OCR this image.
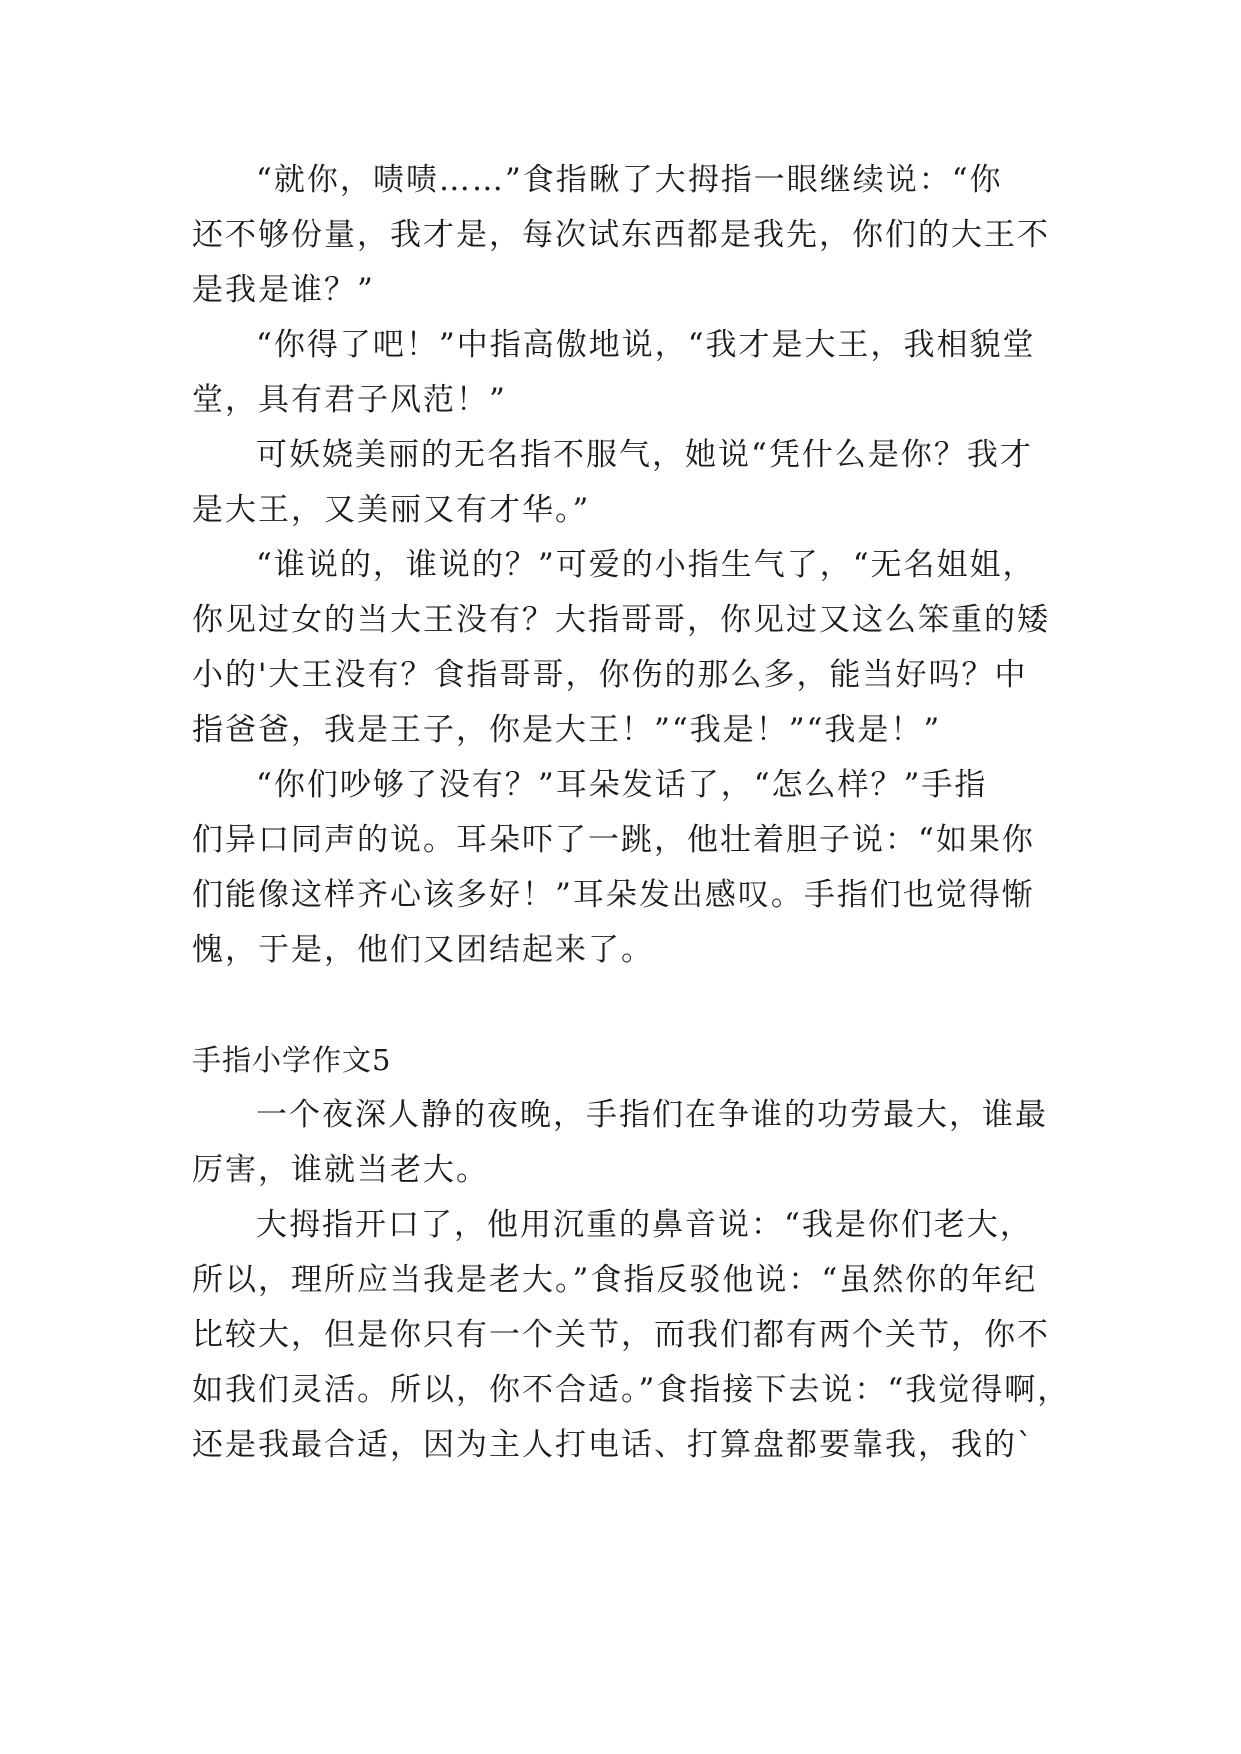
“就你，啧啧……”食指瞅了大拇指一眼继续说：“你
还不够份量，我才是，每次试东西都是我先，你们的大王不
是我是谁？”
“你得了吧！”中指高傲地说，“我才是大王，我相貌堂
堂，具有君子风范！”
可妖娆美丽的无名指不服气，她说“凭什么是你？我才
是大王，又美丽又有才华。”
“谁说的，谁说的？”可爱的小指生气了，“无名姐姐，
你见过女的当大王没有？大指哥哥，你见过又这么笨重的矮
小的'大王没有？食指哥哥，你伤的那么多，能当好吗？中
指爸爸，我是王子，你是大王！”“我是！”“我是！”
“你们吵够了没有？”耳朵发话了，“怎么样？”手指
们异口同声的说。耳朵吓了一跳，他壮着胆子说：“如果你
们能像这样齐心该多好！”耳朵发出感叹。手指们也觉得惭
愧，于是，他们又团结起来了。
手指小学作文5
一个夜深人静的夜晚，手指们在争谁的功劳最大，谁最
厉害，谁就当老大。
大拇指开口了，他用沉重的鼻音说：“我是你们老大，
所以，理所应当我是老大。”食指反驳他说：“虽然你的年纪
比较大，但是你只有一个关节，而我们都有两个关节，你不
如我们灵活。所以，你不合适。”食指接下去说：“我觉得啊，
还是我最合适，因为主人打电话、打算盘都要靠我，我的`
